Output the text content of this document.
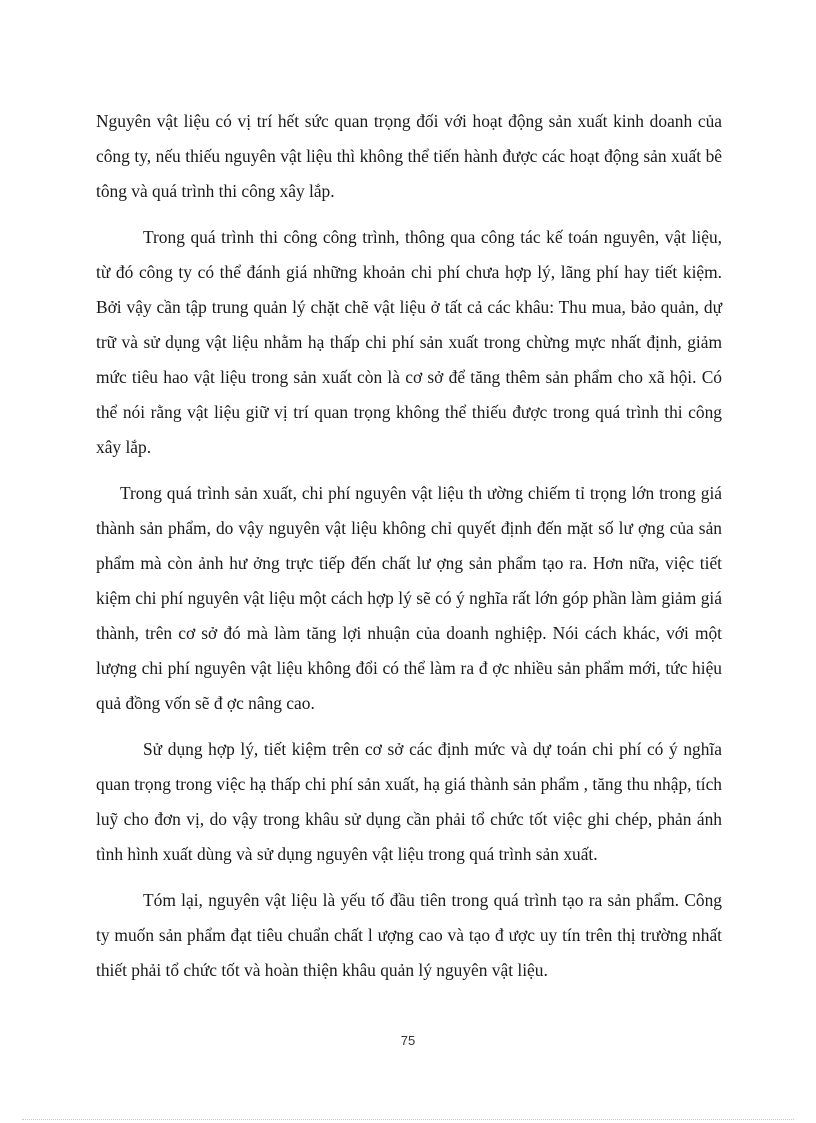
Nguyên vật liệu có vị trí hết sức quan trọng đối với hoạt động sản xuất kinh doanh của công ty, nếu thiếu nguyên vật liệu thì không thể tiến hành được các hoạt động sản xuất bê tông và quá trình thi công xây lắp.

Trong quá trình thi công công trình, thông qua công tác kế toán nguyên, vật liệu, từ đó công ty có thể đánh giá những khoản chi phí chưa hợp lý, lãng phí hay tiết kiệm. Bởi vậy cần tập trung quản lý chặt chẽ vật liệu ở tất cả các khâu: Thu mua, bảo quản, dự trữ và sử dụng vật liệu nhằm hạ thấp chi phí sản xuất trong chừng mực nhất định, giảm mức tiêu hao vật liệu trong sản xuất còn là cơ sở để tăng thêm sản phẩm cho xã hội. Có thể nói rằng vật liệu giữ vị trí quan trọng không thể thiếu được trong quá trình thi công xây lắp.

Trong quá trình sản xuất, chi phí nguyên vật liệu th ường chiếm tỉ trọng lớn trong giá thành sản phẩm, do vậy nguyên vật liệu không chỉ quyết định đến mặt số lư ợng của sản phẩm mà còn ảnh hư ởng trực tiếp đến chất lư ợng sản phẩm tạo ra. Hơn nữa, việc tiết kiệm chi phí nguyên vật liệu một cách hợp lý sẽ có ý nghĩa rất lớn góp phần làm giảm giá thành, trên cơ sở đó mà làm tăng lợi nhuận của doanh nghiệp. Nói cách khác, với một lượng chi phí nguyên vật liệu không đổi có thể làm ra đ ợc nhiều sản phẩm mới, tức hiệu quả đồng vốn sẽ đ ợc nâng cao.

Sử dụng hợp lý, tiết kiệm trên cơ sở các định mức và dự toán chi phí có ý nghĩa quan trọng trong việc hạ thấp chi phí sản xuất, hạ giá thành sản phẩm , tăng thu nhập, tích luỹ cho đơn vị, do vậy trong khâu sử dụng cần phải tổ chức tốt việc ghi chép, phản ánh tình hình xuất dùng và sử dụng nguyên vật liệu trong quá trình sản xuất.

Tóm lại, nguyên vật liệu là yếu tố đầu tiên trong quá trình tạo ra sản phẩm. Công ty muốn sản phẩm đạt tiêu chuẩn chất l ượng cao và tạo đ ược uy tín trên thị trường nhất thiết phải tổ chức tốt và hoàn thiện khâu quản lý nguyên vật liệu.

75
